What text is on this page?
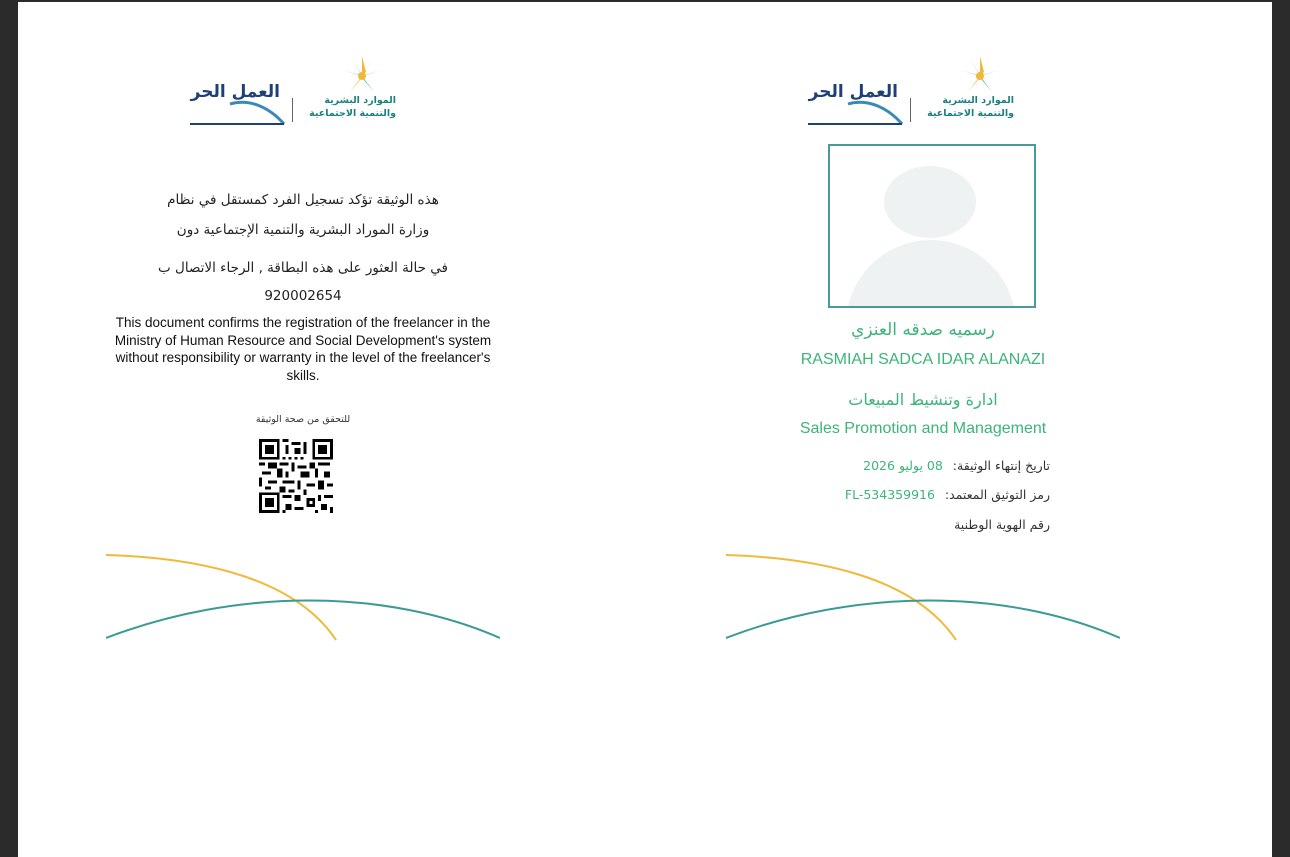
العمل الحر	الموارد البشرية والتنمية الاجتماعية
هذه الوثيقة تؤكد تسجيل الفرد كمستقل في نظام
وزارة الموراد البشرية والتنمية الإجتماعية دون
في حالة العثور على هذه البطاقة , الرجاء الاتصال ب
920002654
This document confirms the registration of the freelancer in the Ministry of Human Resource and Social Development's system without responsibility or warranty in the level of the freelancer's skills.
للتحقق من صحة الوثيقة
العمل الحر	الموارد البشرية والتنمية الاجتماعية
رسميه صدقه العنزي
RASMIAH SADCA IDAR ALANAZI
ادارة وتنشيط المبيعات
Sales Promotion and Management
تاريخ إنتهاء الوثيقة: 08 يوليو 2026
رمز التوثيق المعتمد: FL-534359916
رقم الهوية الوطنية
